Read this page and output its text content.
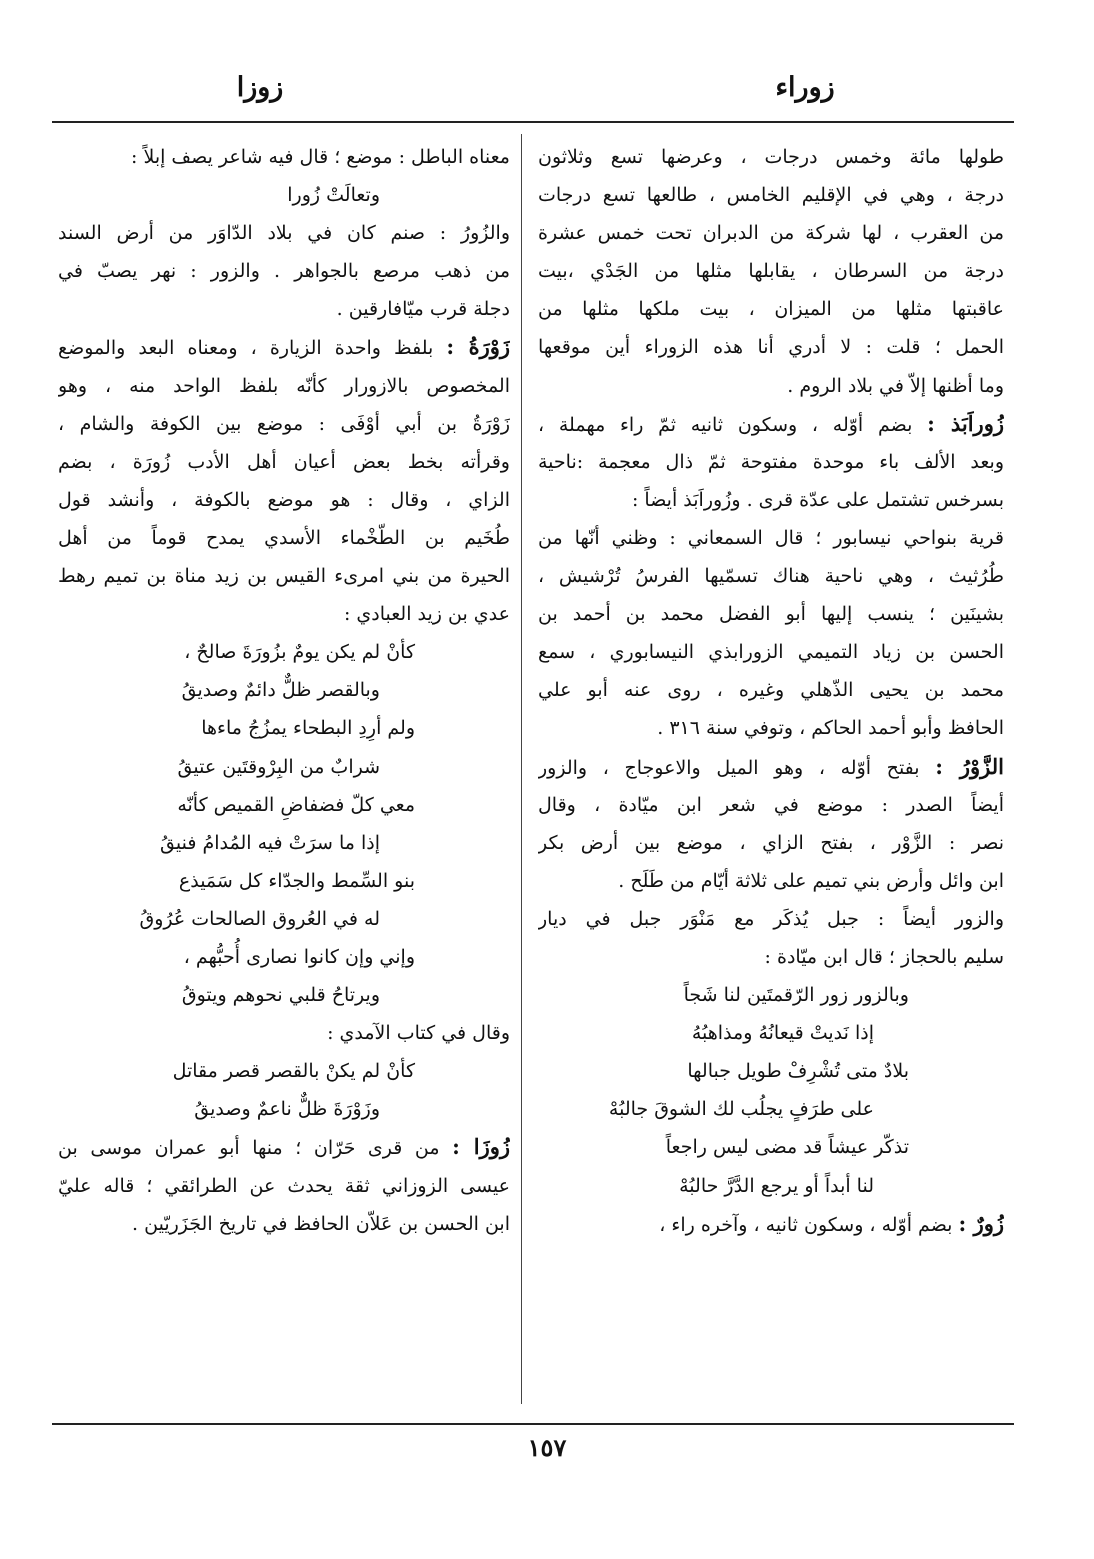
زوراء
زوزا
طولها مائة وخمس درجات ، وعرضها تسع وثلاثون
درجة ، وهي في الإقليم الخامس ، طالعها تسع درجات
من العقرب ، لها شركة من الدبران تحت خمس عشرة
درجة من السرطان ، يقابلها مثلها من الجَدْي ،بيت
عاقبتها مثلها من الميزان ، بيت ملكها مثلها من
الحمل ؛ قلت : لا أدري أنا هذه الزوراء أين موقعها
وما أظنها إلاّ في بلاد الروم .
زُوراَبَذ : بضم أوّله ، وسكون ثانيه ثمّ راء مهملة ،
وبعد الألف باء موحدة مفتوحة ثمّ ذال معجمة :ناحية
بسرخس تشتمل على عدّة قرى . وزُوراَبَذ أيضاً :
قرية بنواحي نيسابور ؛ قال السمعاني : وظني أنّها من
طُرُثيث ، وهي ناحية هناك تسمّيها الفرسُ تُرْشيش ،
بشينَين ؛ ينسب إليها أبو الفضل محمد بن أحمد بن
الحسن بن زياد التميمي الزورابذي النيسابوري ، سمع
محمد بن يحيى الذّهلي وغيره ، روى عنه أبو علي
الحافظ وأبو أحمد الحاكم ، وتوفي سنة ٣١٦ .
الزَّوْرُ : بفتح أوّله ، وهو الميل والاعوجاج ، والزور
أيضاً الصدر : موضع في شعر ابن ميّادة ، وقال
نصر : الزَّوْر ، بفتح الزاي ، موضع بين أرض بكر
ابن وائل وأرض بني تميم على ثلاثة أيّام من طَلَح .
والزور أيضاً : جبل يُذكَر مع مَنْوَر جبل في ديار
سليم بالحجاز ؛ قال ابن ميّادة :
وبالزور زور الرّقمتَين لنا شَجاً
إذا نَديتْ قيعانُهُ ومذاهبُهُ
بلادٌ متى تُشْرِفْ طويل جبالها
على طرَفٍ يجلُب لك الشوقَ جالبُهْ
تذكّر عيشاً قد مضى ليس راجعاً
لنا أبداً أو يرجع الدَّرَّ حالبُهْ
زُورٌ : بضم أوّله ، وسكون ثانيه ، وآخره راء ،
معناه الباطل : موضع ؛ قال فيه شاعر يصف إبلاً :
وتعالَتْ زُورا
والزُورُ : صنم كان في بلاد الدّاوَر من أرض السند
من ذهب مرصع بالجواهر . والزور : نهر يصبّ في
دجلة قرب ميّافارقين .
زَوْرَةُ : بلفظ واحدة الزيارة ، ومعناه البعد والموضع
المخصوص بالازورار كأنّه بلفظ الواحد منه ، وهو
زَوْرَةُ بن أبي أوْفَى : موضع بين الكوفة والشام ،
وقرأته بخط بعض أعيان أهل الأدب زُورَة ، بضم
الزاي ، وقال : هو موضع بالكوفة ، وأنشد قول
طُخَيم بن الطّخْماء الأسدي يمدح قوماً من أهل
الحيرة من بني امرىء القيس بن زيد مناة بن تميم رهط
عدي بن زيد العبادي :
كأنْ لم يكن يومٌ بزُورَةَ صالحٌ ،
وبالقصر ظلٌّ دائمٌ وصديقُ
ولم أرِدِ البطحاء يمزُجُ ماءها
شرابٌ من البِرْوقتَين عتيقُ
معي كلّ فضفاضِ القميص كأنّه
إذا ما سرَتْ فيه المُدامُ فنيقُ
بنو السِّمط والجدّاء كل سَمَيذع
له في العُروق الصالحات عُرُوقُ
وإني وإن كانوا نصارى أُحبُّهم ،
ويرتاحُ قلبي نحوهم ويتوقُ
وقال في كتاب الآمدي :
كأنْ لم يكنْ بالقصر قصر مقاتل
وزَوْرَةَ ظلٌّ ناعمٌ وصديقُ
زُوزَا : من قرى حَرّان ؛ منها أبو عمران موسى بن
عيسى الزوزاني ثقة يحدث عن الطرائقي ؛ قاله عليّ
ابن الحسن بن عَلاّن الحافظ في تاريخ الجَزَريّين .
١٥٧
